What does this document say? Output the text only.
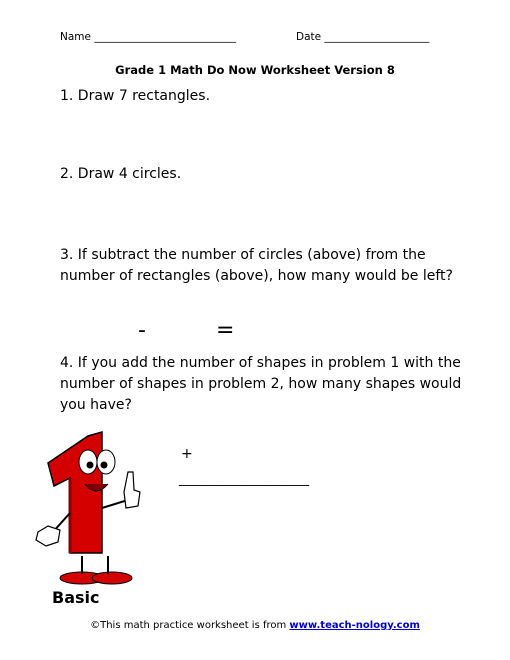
Name ___________________________	Date ____________________
Grade 1 Math Do Now Worksheet Version 8
1. Draw 7 rectangles.
2. Draw 4 circles.
3. If subtract the number of circles (above) from the number of rectangles (above), how many would be left?
-	=
4. If you add the number of shapes in problem 1 with the number of shapes in problem 2, how many shapes would you have?
+
____________________
Basic
©This math practice worksheet is from www.teach-nology.com
